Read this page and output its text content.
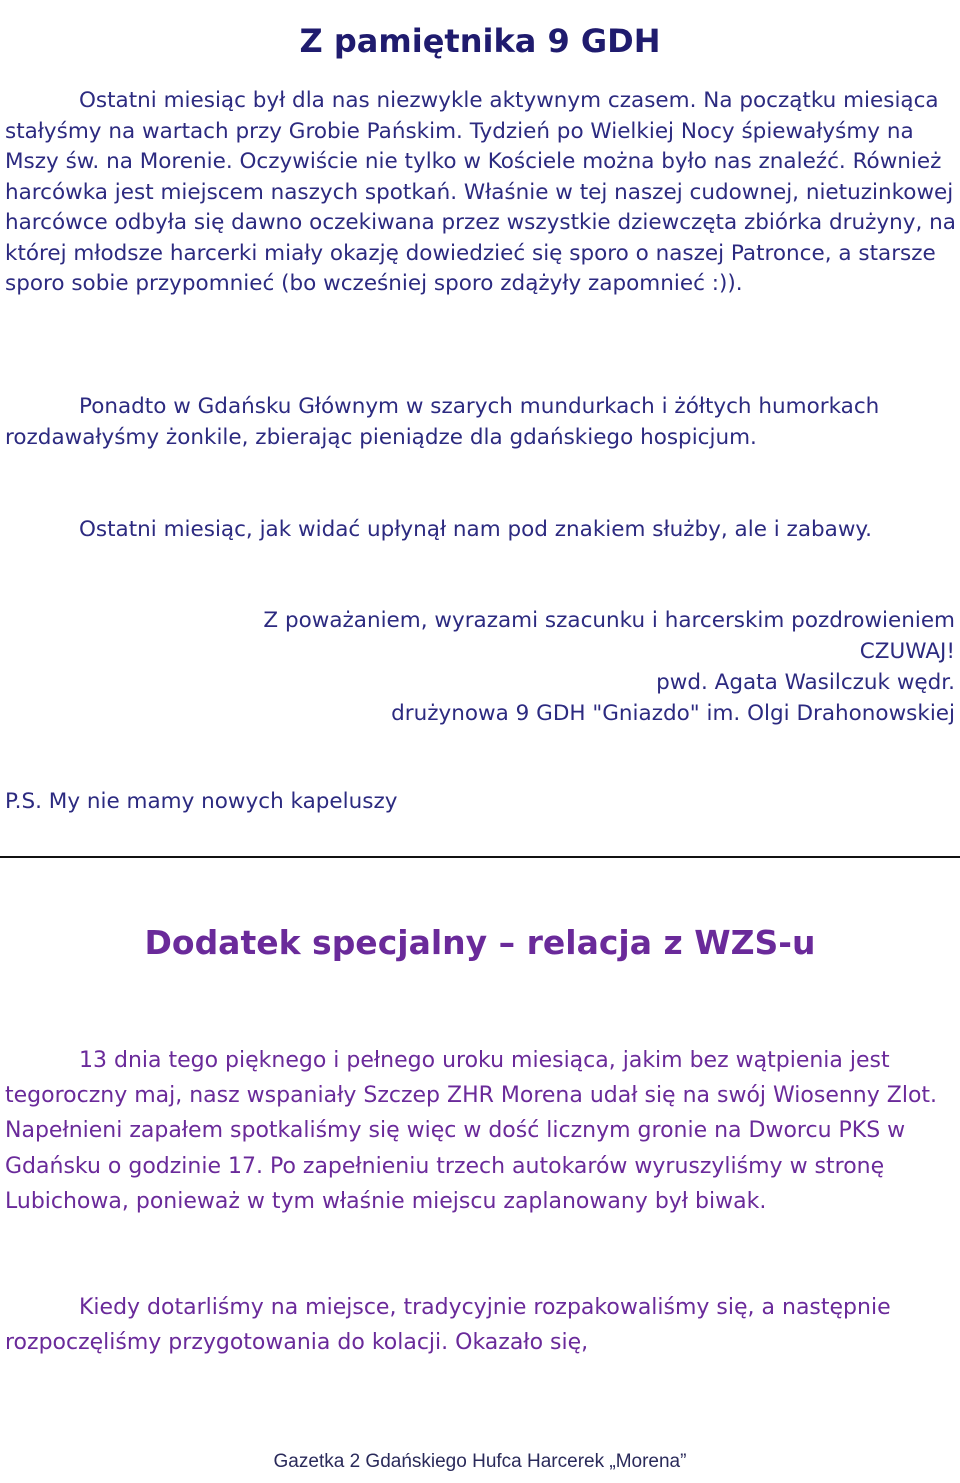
Z pamiętnika 9 GDH

Ostatni miesiąc był dla nas niezwykle aktywnym czasem. Na początku miesiąca stałyśmy na wartach przy Grobie Pańskim. Tydzień po Wielkiej Nocy śpiewałyśmy na Mszy św. na Morenie. Oczywiście nie tylko w Kościele można było nas znaleźć. Również harcówka jest miejscem naszych spotkań. Właśnie w tej naszej cudownej, nietuzinkowej harcówce odbyła się dawno oczekiwana przez wszystkie dziewczęta zbiórka drużyny, na której młodsze harcerki miały okazję dowiedzieć się sporo o naszej Patronce, a starsze sporo sobie przypomnieć (bo wcześniej sporo zdążyły zapomnieć :)).

Ponadto w Gdańsku Głównym w szarych mundurkach i żółtych humorkach rozdawałyśmy żonkile, zbierając pieniądze dla gdańskiego hospicjum.

Ostatni miesiąc, jak widać upłynął nam pod znakiem służby, ale i zabawy.

Z poważaniem, wyrazami szacunku i harcerskim pozdrowieniem
CZUWAJ!
pwd. Agata Wasilczuk wędr.
drużynowa 9 GDH "Gniazdo" im. Olgi Drahonowskiej
P.S. My nie mamy nowych kapeluszy
Dodatek specjalny – relacja z WZS-u

13 dnia tego pięknego i pełnego uroku miesiąca, jakim bez wątpienia jest tegoroczny maj, nasz wspaniały Szczep ZHR Morena udał się na swój Wiosenny Zlot. Napełnieni zapałem spotkaliśmy się więc w dość licznym gronie na Dworcu PKS w Gdańsku o godzinie 17. Po zapełnieniu trzech autokarów wyruszyliśmy w stronę Lubichowa, ponieważ w tym właśnie miejscu zaplanowany był biwak.

Kiedy dotarliśmy na miejsce, tradycyjnie rozpakowaliśmy się, a następnie rozpoczęliśmy przygotowania do kolacji. Okazało się,

Gazetka 2 Gdańskiego Hufca Harcerek „Morena”
